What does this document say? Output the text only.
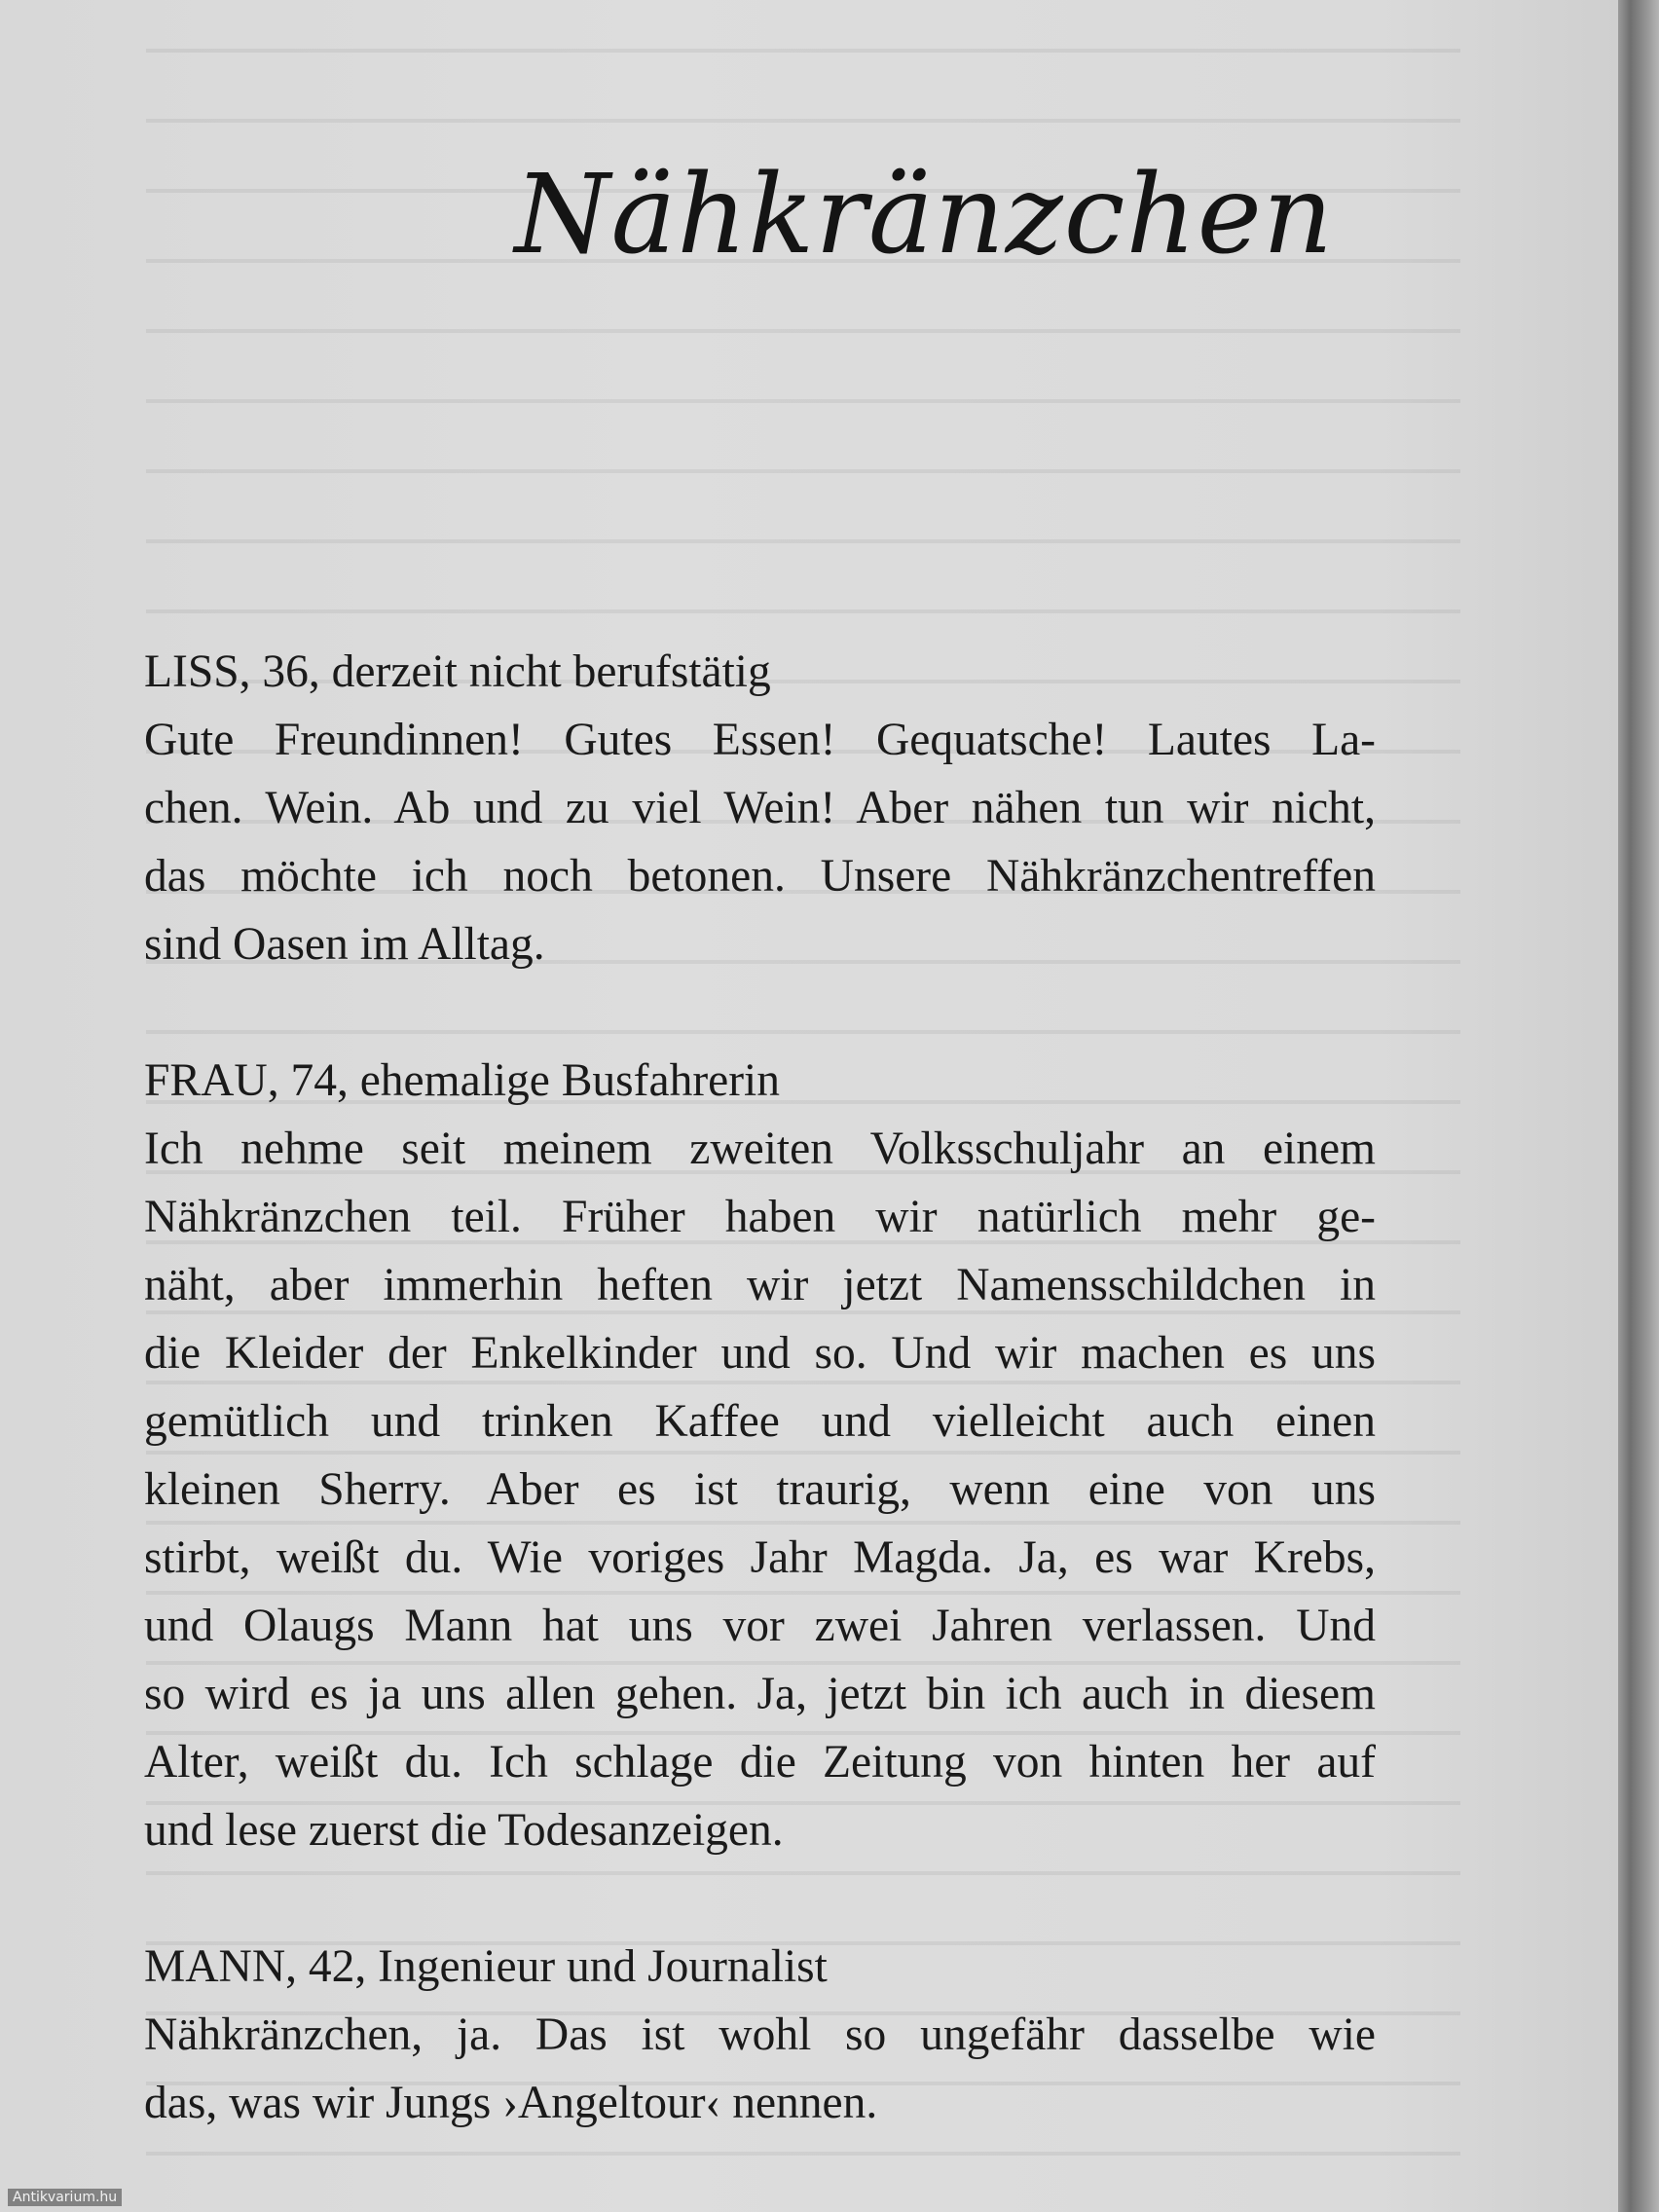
Nähkränzchen
LISS, 36, derzeit nicht berufstätig
Gute Freundinnen! Gutes Essen! Gequatsche! Lautes La-
chen. Wein. Ab und zu viel Wein! Aber nähen tun wir nicht,
das möchte ich noch betonen. Unsere Nähkränzchentreffen
sind Oasen im Alltag.
FRAU, 74, ehemalige Busfahrerin
Ich nehme seit meinem zweiten Volksschuljahr an einem
Nähkränzchen teil. Früher haben wir natürlich mehr ge-
näht, aber immerhin heften wir jetzt Namensschildchen in
die Kleider der Enkelkinder und so. Und wir machen es uns
gemütlich und trinken Kaffee und vielleicht auch einen
kleinen Sherry. Aber es ist traurig, wenn eine von uns
stirbt, weißt du. Wie voriges Jahr Magda. Ja, es war Krebs,
und Olaugs Mann hat uns vor zwei Jahren verlassen. Und
so wird es ja uns allen gehen. Ja, jetzt bin ich auch in diesem
Alter, weißt du. Ich schlage die Zeitung von hinten her auf
und lese zuerst die Todesanzeigen.
MANN, 42, Ingenieur und Journalist
Nähkränzchen, ja. Das ist wohl so ungefähr dasselbe wie
das, was wir Jungs ›Angeltour‹ nennen.
Antikvarium.hu
